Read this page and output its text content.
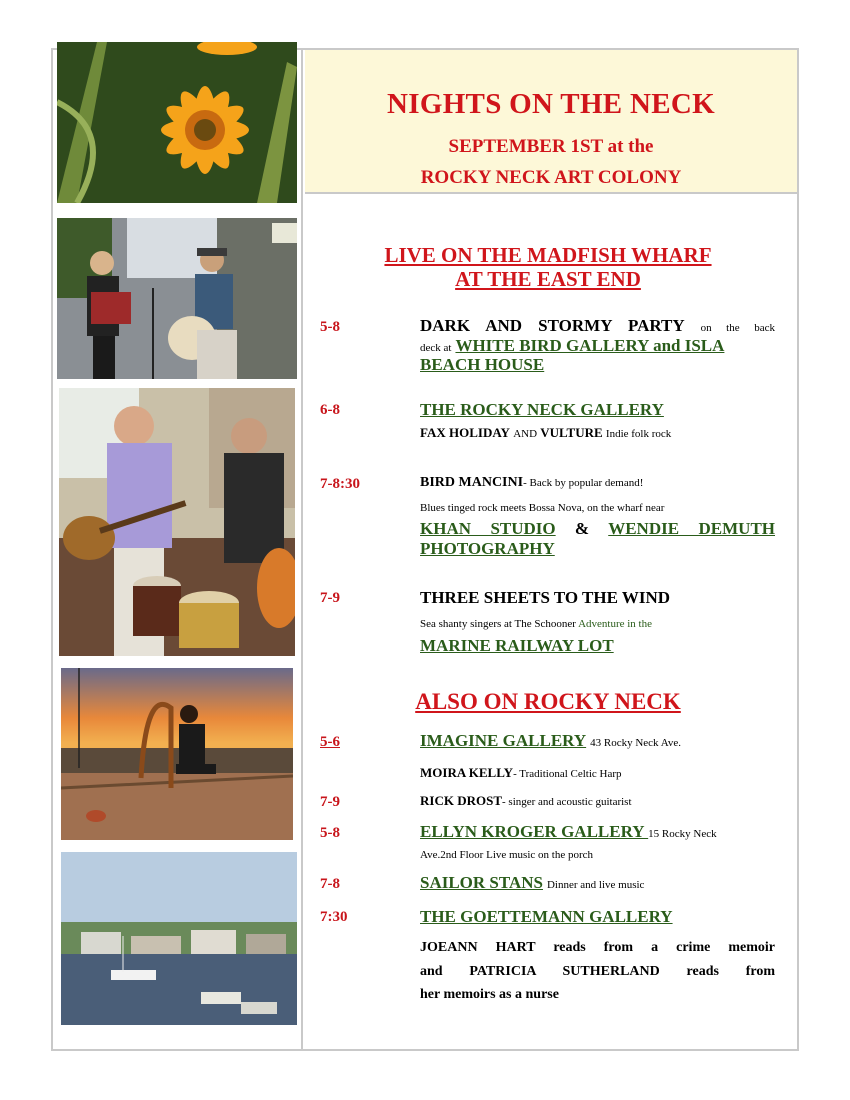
NIGHTS ON THE NECK
SEPTEMBER 1ST at the
ROCKY NECK ART COLONY
LIVE ON THE MADFISH WHARF
AT THE EAST END
5-8	DARK AND STORMY PARTY on the back
deck at WHITE BIRD GALLERY and ISLA
BEACH HOUSE
6-8	THE ROCKY NECK GALLERY
FAX HOLIDAY AND VULTURE Indie folk rock
7-8:30	BIRD MANCINI- Back by popular demand!
Blues tinged rock meets Bossa Nova, on the wharf near
KHAN STUDIO & WENDIE DEMUTH
PHOTOGRAPHY
7-9	THREE SHEETS TO THE WIND
Sea shanty singers at The Schooner Adventure in the
MARINE RAILWAY LOT
ALSO ON ROCKY NECK
5-6	IMAGINE GALLERY 43 Rocky Neck Ave.
MOIRA KELLY- Traditional Celtic Harp
7-9	RICK DROST- singer and acoustic guitarist
5-8	ELLYN KROGER GALLERY 15 Rocky Neck
Ave.2nd Floor Live music on the porch
7-8	SAILOR STANS Dinner and live music
7:30	THE GOETTEMANN GALLERY
JOEANN HART reads from a crime memoir
and PATRICIA SUTHERLAND reads from
her memoirs as a nurse
